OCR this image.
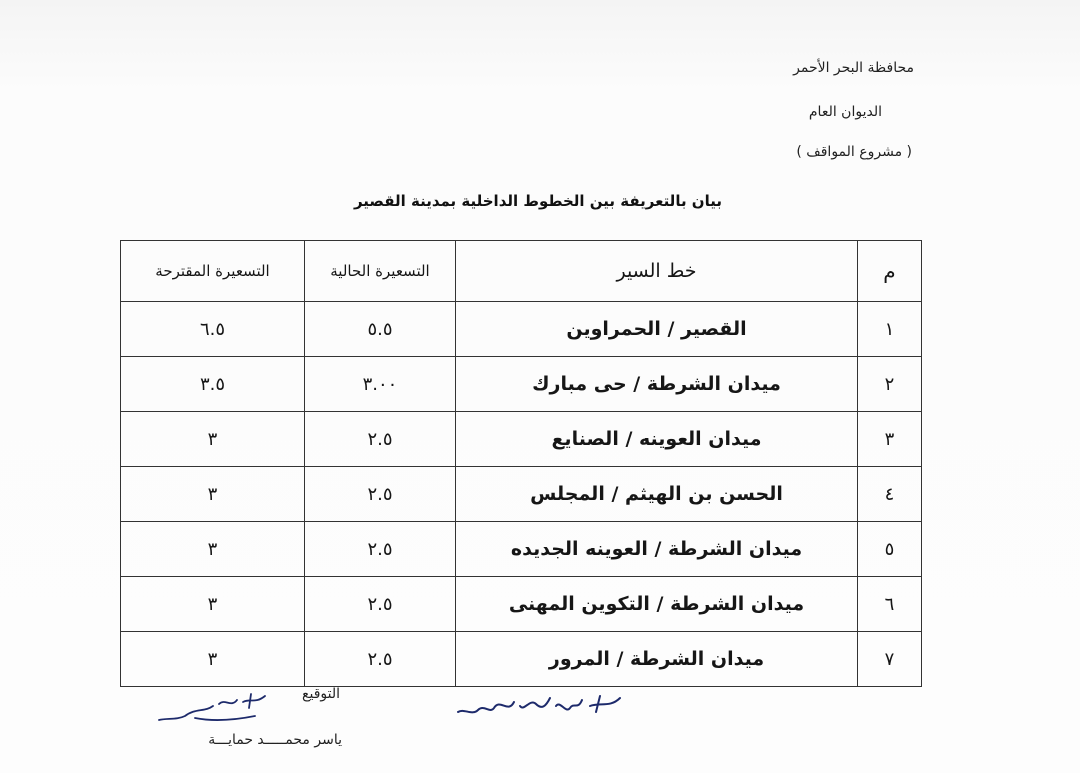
محافظة البحر الأحمر
الديوان العام
( مشروع المواقف )
بيان بالتعريفة بين الخطوط الداخلية بمدينة القصير
م	خط السير	التسعيرة الحالية	التسعيرة المقترحة
١	القصير / الحمراوين	٥.٥	٦.٥
٢	ميدان الشرطة / حى مبارك	٣.٠٠	٣.٥
٣	ميدان العوينه / الصنايع	٢.٥	٣
٤	الحسن بن الهيثم / المجلس	٢.٥	٣
٥	ميدان الشرطة / العوينه الجديده	٢.٥	٣
٦	ميدان الشرطة / التكوين المهنى	٢.٥	٣
٧	ميدان الشرطة / المرور	٢.٥	٣
التوقيع
ياسر محمـــــد حمايـــة
